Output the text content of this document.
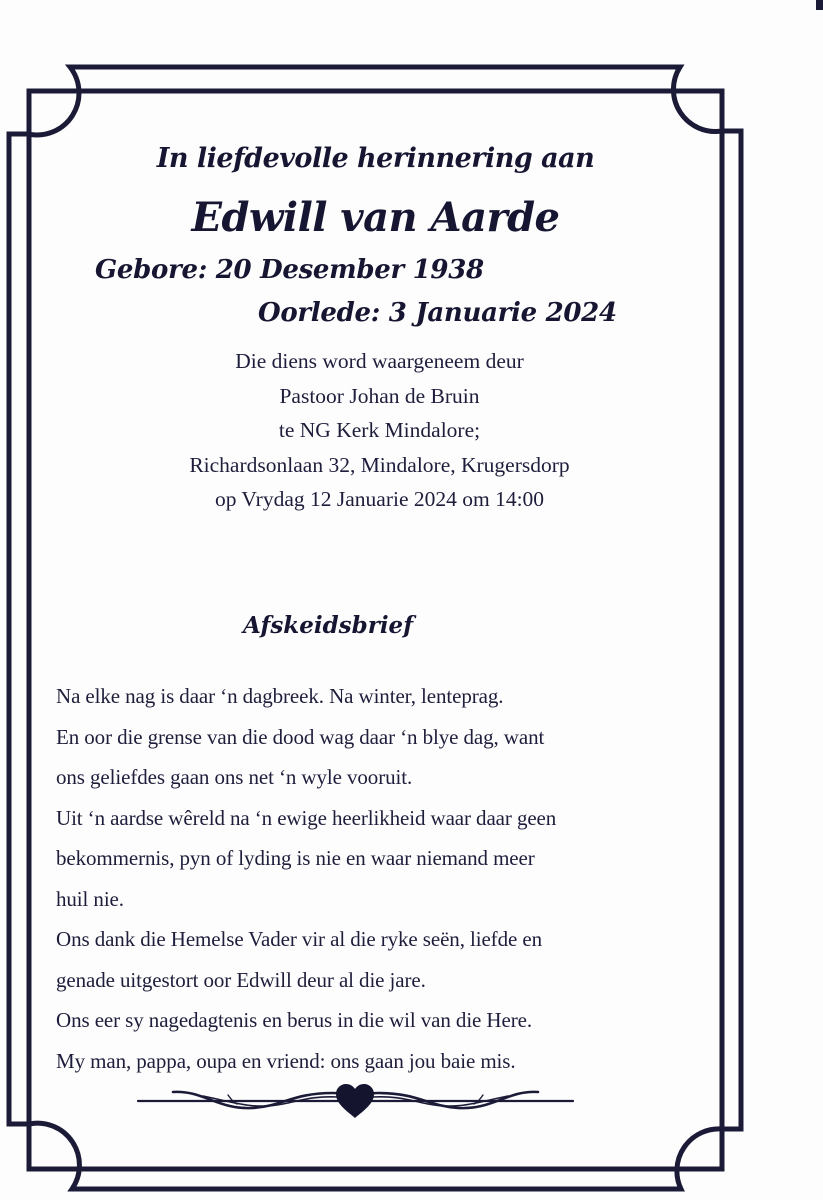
In liefdevolle herinnering aan
Edwill van Aarde
Gebore: 20 Desember 1938
Oorlede: 3 Januarie 2024
Die diens word waargeneem deur
Pastoor Johan de Bruin
te NG Kerk Mindalore;
Richardsonlaan 32, Mindalore, Krugersdorp
op Vrydag 12 Januarie 2024 om 14:00
Afskeidsbrief
Na elke nag is daar ‘n dagbreek. Na winter, lenteprag.
En oor die grense van die dood wag daar ‘n blye dag, want
ons geliefdes gaan ons net ‘n wyle vooruit.
Uit ‘n aardse wêreld na ‘n ewige heerlikheid waar daar geen
bekommernis, pyn of lyding is nie en waar niemand meer
huil nie.
Ons dank die Hemelse Vader vir al die ryke seën, liefde en
genade uitgestort oor Edwill deur al die jare.
Ons eer sy nagedagtenis en berus in die wil van die Here.
My man, pappa, oupa en vriend: ons gaan jou baie mis.
